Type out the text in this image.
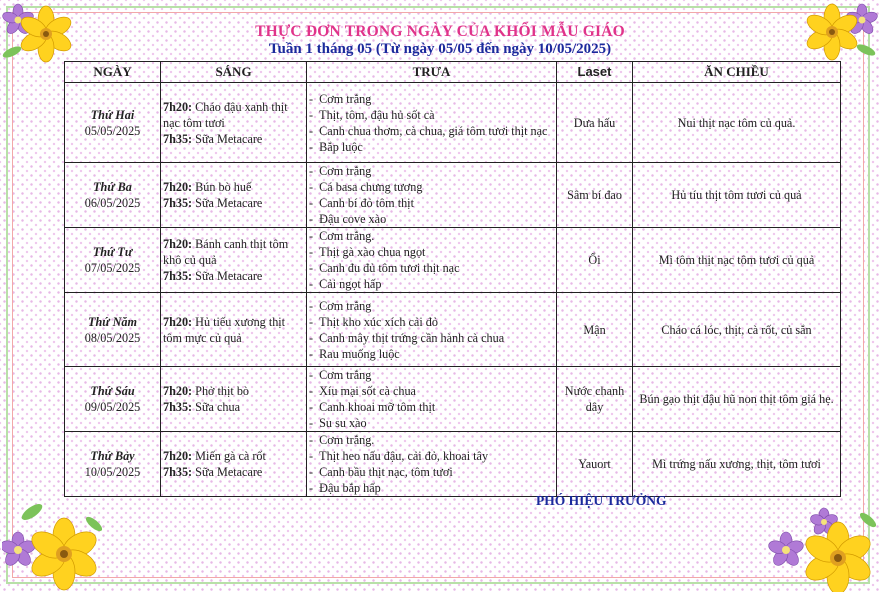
THỰC ĐƠN TRONG NGÀY CỦA KHỐI MẪU GIÁO
Tuần 1 tháng 05 (Từ ngày 05/05 đến ngày 10/05/2025)
NGÀY	SÁNG	TRƯA	Laset	ĂN CHIỀU

Thứ Hai
05/05/2025	7h20: Cháo đậu xanh thịt nạc tôm tươi
7h35: Sữa Metacare	-  Cơm trắng
-  Thịt, tôm, đậu hủ sốt cà
-  Canh chua thơm, cà chua, giá tôm tươi thịt nạc
-  Bắp luộc	Dưa hấu	Nui thịt nạc tôm củ quả.

Thứ Ba
06/05/2025	7h20: Bún bò huế
7h35: Sữa Metacare	-  Cơm trắng
-  Cá basa chưng tương
-  Canh bí đỏ tôm thịt
-  Đậu cove xào	Sâm bí đao	Hủ tíu thịt tôm tươi củ quả

Thứ Tư
07/05/2025	7h20: Bánh canh thịt tôm khô củ quả
7h35: Sữa Metacare	-  Cơm trắng.
-  Thịt gà xào chua ngọt
-  Canh đu đủ tôm tươi thịt nạc
-  Cải ngọt hấp	Ổi	Mì tôm thịt nạc tôm tươi củ quả

Thứ Năm
08/05/2025	7h20: Hủ tiếu xương thịt tôm mực củ quả	-  Cơm trắng
-  Thịt kho xúc xích cải đỏ
-  Canh mây thịt trứng cần hành cà chua
-  Rau muống luộc	Mận	Cháo cá lóc, thịt, cà rốt, củ sắn

Thứ Sáu
09/05/2025	7h20: Phở thịt bò
7h35: Sữa chua	-  Cơm trắng
-  Xíu mại sốt cà chua
-  Canh khoai mỡ tôm thịt
-  Su su xào	Nước chanh dây	Bún gạo thịt đậu hũ non thịt tôm giá hẹ.

Thứ Bảy
10/05/2025	7h20: Miến gà cà rốt
7h35: Sữa Metacare	-  Cơm trắng.
-  Thịt heo nấu đậu, cải đỏ, khoai tây
-  Canh bầu thịt nạc, tôm tươi
-  Đậu bắp hấp	Yauort	Mì trứng nấu xương, thịt, tôm tươi
PHÓ HIỆU TRƯỞNG
